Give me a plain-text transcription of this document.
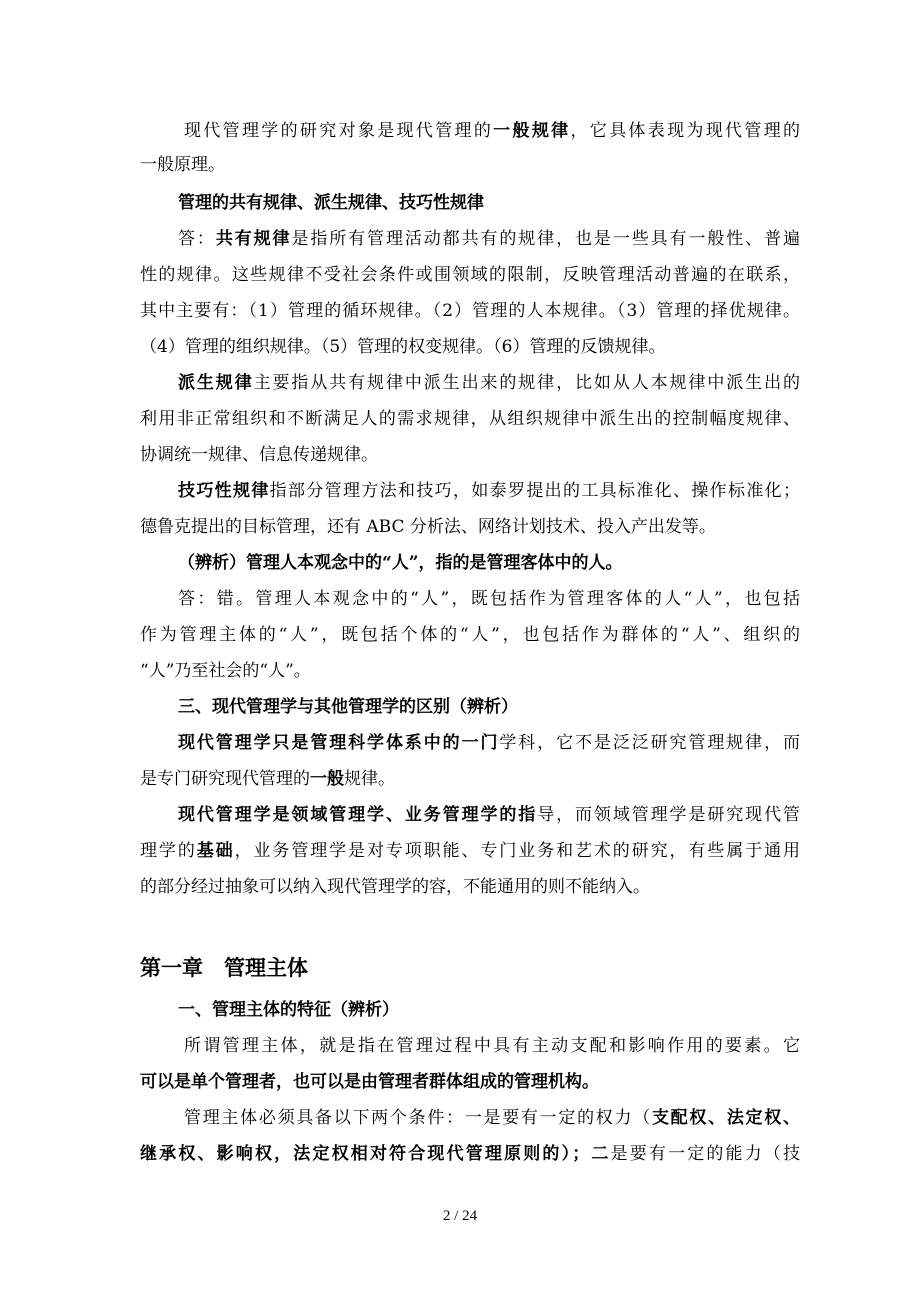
现代管理学的研究对象是现代管理的一般规律，它具体表现为现代管理的
一般原理。
管理的共有规律、派生规律、技巧性规律
答：共有规律是指所有管理活动都共有的规律，也是一些具有一般性、普遍
性的规律。这些规律不受社会条件或围领域的限制，反映管理活动普遍的在联系，
其中主要有：（1）管理的循环规律。（2）管理的人本规律。（3）管理的择优规律。
（4）管理的组织规律。（5）管理的权变规律。（6）管理的反馈规律。
派生规律主要指从共有规律中派生出来的规律，比如从人本规律中派生出的
利用非正常组织和不断满足人的需求规律，从组织规律中派生出的控制幅度规律、
协调统一规律、信息传递规律。
技巧性规律指部分管理方法和技巧，如泰罗提出的工具标准化、操作标准化；
德鲁克提出的目标管理，还有 ABC 分析法、网络计划技术、投入产出发等。
（辨析）管理人本观念中的“人”，指的是管理客体中的人。
答：错。管理人本观念中的“人”，既包括作为管理客体的人“人”，也包括
作为管理主体的“人”，既包括个体的“人”，也包括作为群体的“人”、组织的
“人”乃至社会的“人”。
三、现代管理学与其他管理学的区别（辨析）
现代管理学只是管理科学体系中的一门学科，它不是泛泛研究管理规律，而
是专门研究现代管理的一般规律。
现代管理学是领域管理学、业务管理学的指导，而领域管理学是研究现代管
理学的基础，业务管理学是对专项职能、专门业务和艺术的研究，有些属于通用
的部分经过抽象可以纳入现代管理学的容，不能通用的则不能纳入。
第一章　管理主体
一、管理主体的特征（辨析）
所谓管理主体，就是指在管理过程中具有主动支配和影响作用的要素。它
可以是单个管理者，也可以是由管理者群体组成的管理机构。
管理主体必须具备以下两个条件：一是要有一定的权力（支配权、法定权、
继承权、影响权，法定权相对符合现代管理原则的）；二是要有一定的能力（技
2 / 24
